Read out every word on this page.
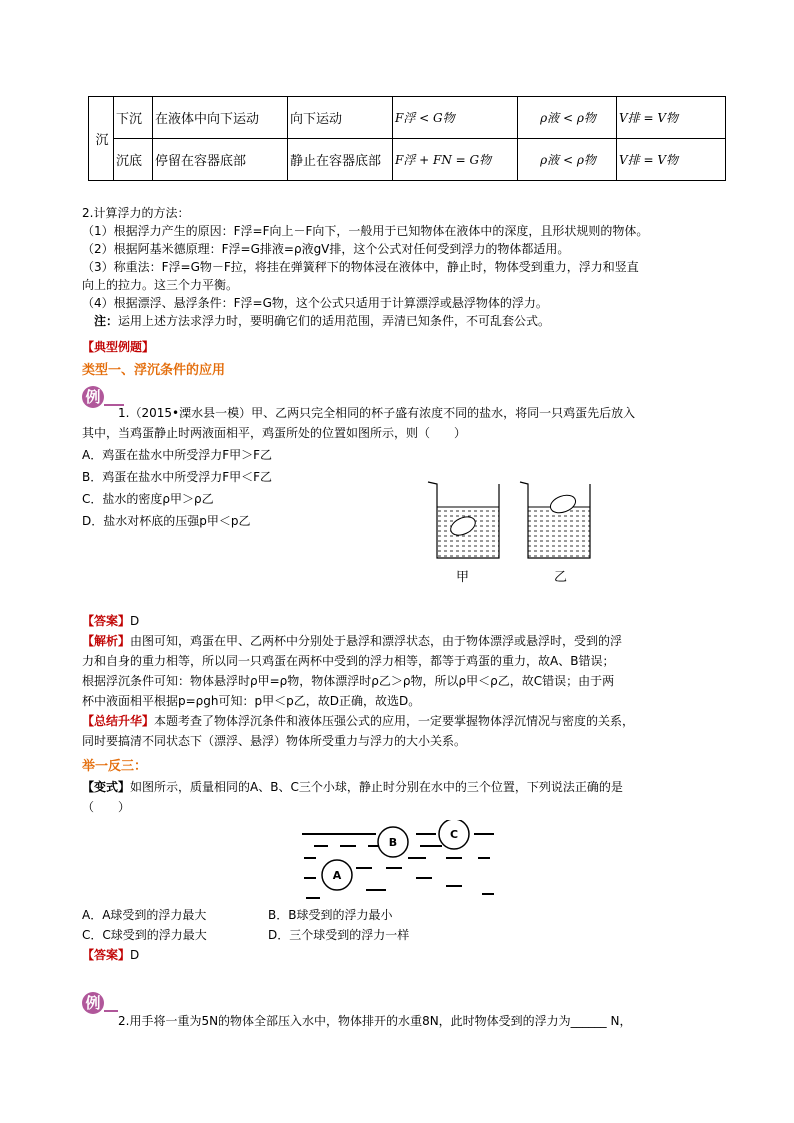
沉	下沉	在液体中向下运动	向下运动	F浮 < G物	ρ液 < ρ物	V排 = V物
	沉底	停留在容器底部	静止在容器底部	F浮 + FN = G物	ρ液 < ρ物	V排 = V物
2.计算浮力的方法：
（1）根据浮力产生的原因：F浮=F向上－F向下，一般用于已知物体在液体中的深度，且形状规则的物体。
（2）根据阿基米德原理：F浮=G排液=ρ液gV排，这个公式对任何受到浮力的物体都适用。
（3）称重法：F浮=G物－F拉，将挂在弹簧秤下的物体浸在液体中，静止时，物体受到重力，浮力和竖直
向上的拉力。这三个力平衡。
（4）根据漂浮、悬浮条件：F浮=G物，这个公式只适用于计算漂浮或悬浮物体的浮力。
注：运用上述方法求浮力时，要明确它们的适用范围，弄清已知条件，不可乱套公式。
【典型例题】
类型一、浮沉条件的应用
例
1.（2015•溧水县一模）甲、乙两只完全相同的杯子盛有浓度不同的盐水，将同一只鸡蛋先后放入
其中，当鸡蛋静止时两液面相平，鸡蛋所处的位置如图所示，则（　　）
A．鸡蛋在盐水中所受浮力F甲＞F乙
B．鸡蛋在盐水中所受浮力F甲＜F乙
C．盐水的密度ρ甲＞ρ乙
D．盐水对杯底的压强p甲＜p乙
甲	乙
【答案】D
【解析】由图可知，鸡蛋在甲、乙两杯中分别处于悬浮和漂浮状态，由于物体漂浮或悬浮时，受到的浮
力和自身的重力相等，所以同一只鸡蛋在两杯中受到的浮力相等，都等于鸡蛋的重力，故A、B错误；
根据浮沉条件可知：物体悬浮时ρ甲=ρ物，物体漂浮时ρ乙＞ρ物，所以ρ甲＜ρ乙，故C错误；由于两
杯中液面相平根据p=ρgh可知：p甲＜p乙，故D正确，故选D。
【总结升华】本题考查了物体浮沉条件和液体压强公式的应用，一定要掌握物体浮沉情况与密度的关系，
同时要搞清不同状态下（漂浮、悬浮）物体所受重力与浮力的大小关系。
举一反三：
【变式】如图所示，质量相同的A、B、C三个小球，静止时分别在水中的三个位置，下列说法正确的是
（　　）
B
C
A
A．A球受到的浮力最大	B．B球受到的浮力最小
C．C球受到的浮力最大	D．三个球受到的浮力一样
【答案】D
例
2.用手将一重为5N的物体全部压入水中，物体排开的水重8N，此时物体受到的浮力为______ N，
